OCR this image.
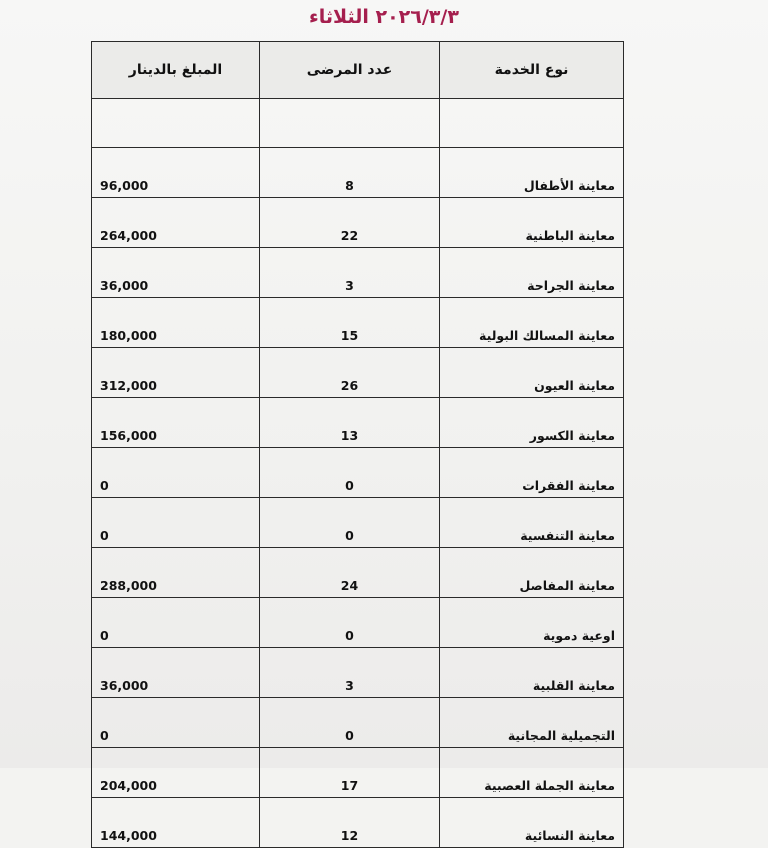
٢٠٢٦/٣/٣ الثلاثاء
نوع الخدمة	عدد المرضى	المبلغ بالدينار

معاينة الأطفال	8	96,000
معاينة الباطنية	22	264,000
معاينة الجراحة	3	36,000
معاينة المسالك البولية	15	180,000
معاينة العيون	26	312,000
معاينة الكسور	13	156,000
معاينة الفقرات	0	0
معاينة التنفسية	0	0
معاينة المفاصل	24	288,000
اوعية دموية	0	0
معاينة القلبية	3	36,000
التجميلية المجانية	0	0
معاينة الجملة العصبية	17	204,000
معاينة النسائية	12	144,000
